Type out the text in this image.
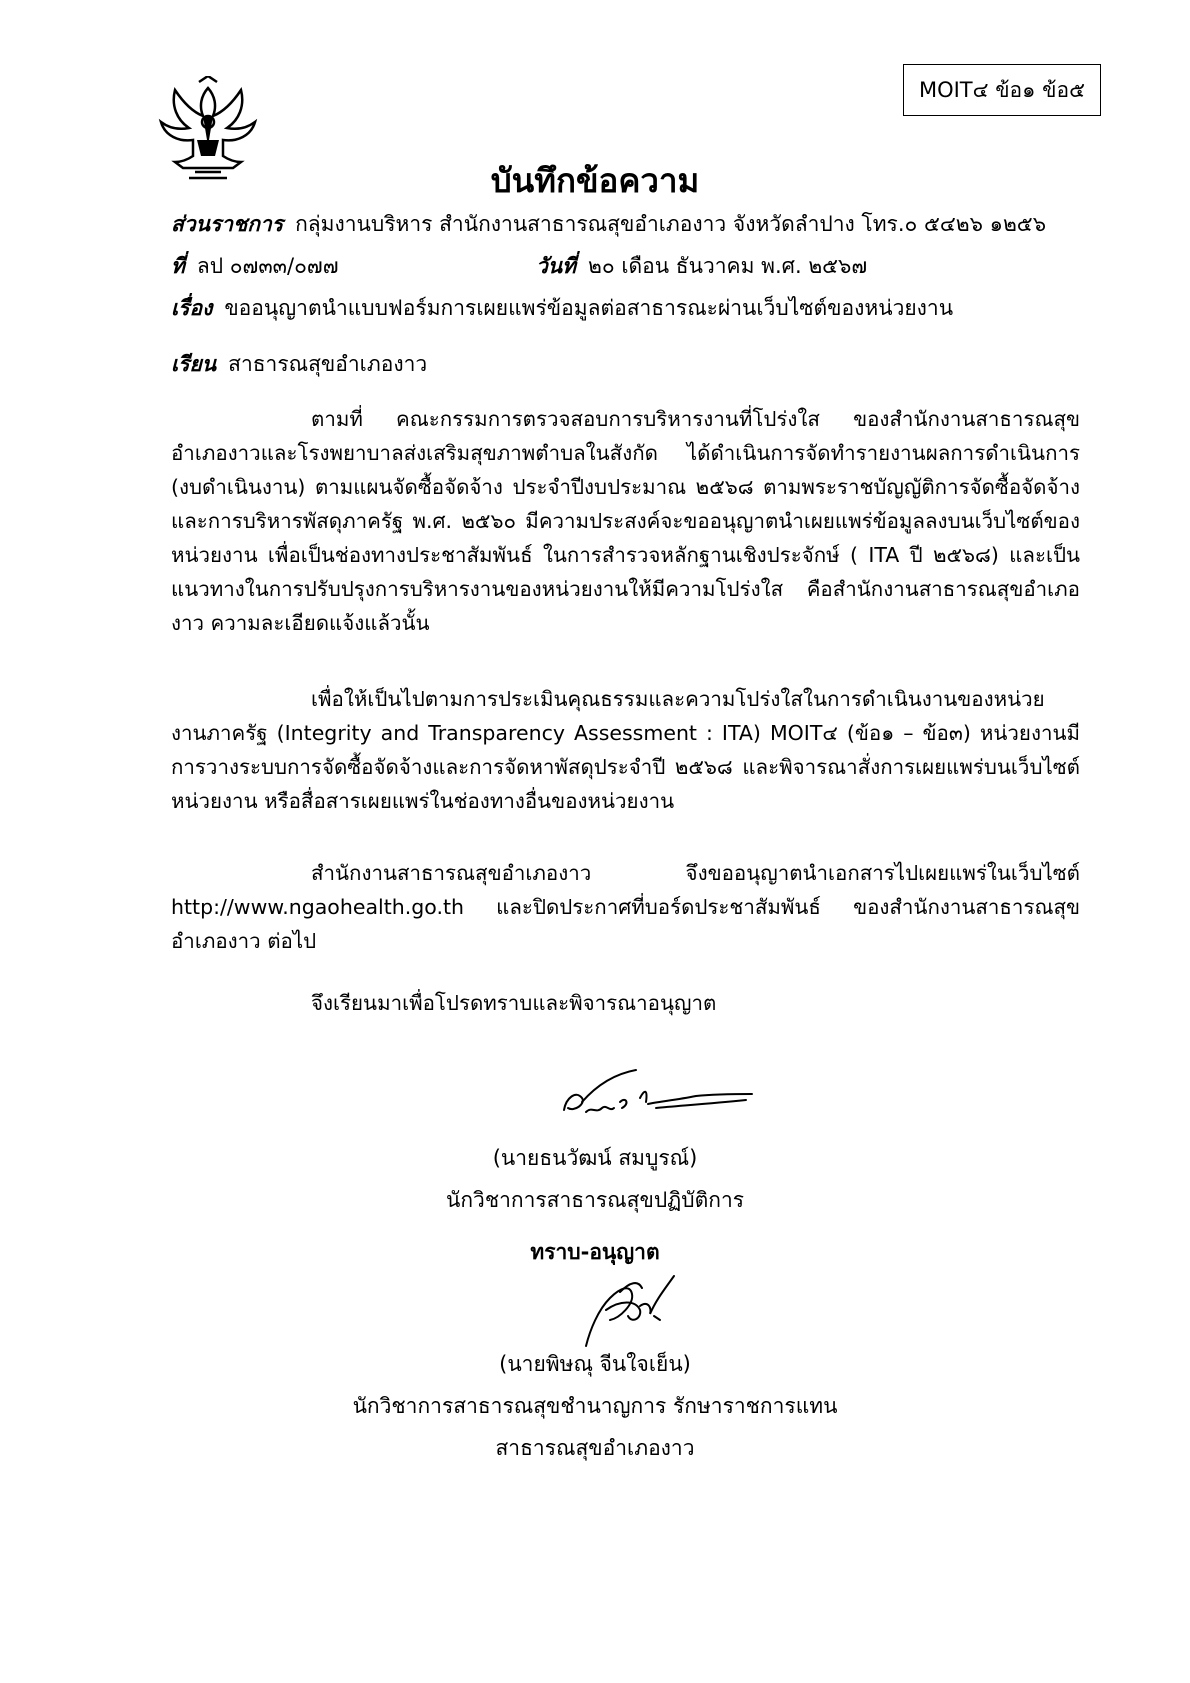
MOIT๔ ข้อ๑ ข้อ๕
บันทึกข้อความ
ส่วนราชการ กลุ่มงานบริหาร สำนักงานสาธารณสุขอำเภองาว จังหวัดลำปาง โทร.๐ ๕๔๒๖ ๑๒๕๖
ที่ ลป ๐๗๓๓/๐๗๗	วันที่ ๒๐ เดือน ธันวาคม พ.ศ. ๒๕๖๗
เรื่อง ขออนุญาตนำแบบฟอร์มการเผยแพร่ข้อมูลต่อสาธารณะผ่านเว็บไซต์ของหน่วยงาน
เรียน สาธารณสุขอำเภองาว

ตามที่ คณะกรรมการตรวจสอบการบริหารงานที่โปร่งใส ของสำนักงานสาธารณสุขอำเภองาวและโรงพยาบาลส่งเสริมสุขภาพตำบลในสังกัด ได้ดำเนินการจัดทำรายงานผลการดำเนินการ (งบดำเนินงาน) ตามแผนจัดซื้อจัดจ้าง ประจำปีงบประมาณ ๒๕๖๘ ตามพระราชบัญญัติการจัดซื้อจัดจ้างและการบริหารพัสดุภาครัฐ พ.ศ. ๒๕๖๐ มีความประสงค์จะขออนุญาตนำเผยแพร่ข้อมูลลงบนเว็บไซต์ของหน่วยงาน เพื่อเป็นช่องทางประชาสัมพันธ์ ในการสำรวจหลักฐานเชิงประจักษ์ ( ITA ปี ๒๕๖๘) และเป็นแนวทางในการปรับปรุงการบริหารงานของหน่วยงานให้มีความโปร่งใส คือสำนักงานสาธารณสุขอำเภองาว ความละเอียดแจ้งแล้วนั้น

เพื่อให้เป็นไปตามการประเมินคุณธรรมและความโปร่งใสในการดำเนินงานของหน่วยงานภาครัฐ (Integrity and Transparency Assessment : ITA) MOIT๔ (ข้อ๑ – ข้อ๓) หน่วยงานมีการวางระบบการจัดซื้อจัดจ้างและการจัดหาพัสดุประจำปี ๒๕๖๘ และพิจารณาสั่งการเผยแพร่บนเว็บไซต์หน่วยงาน หรือสื่อสารเผยแพร่ในช่องทางอื่นของหน่วยงาน

สำนักงานสาธารณสุขอำเภองาว จึงขออนุญาตนำเอกสารไปเผยแพร่ในเว็บไซต์ http://www.ngaohealth.go.th และปิดประกาศที่บอร์ดประชาสัมพันธ์ ของสำนักงานสาธารณสุขอำเภองาว ต่อไป

จึงเรียนมาเพื่อโปรดทราบและพิจารณาอนุญาต

(นายธนวัฒน์ สมบูรณ์)
นักวิชาการสาธารณสุขปฏิบัติการ
ทราบ-อนุญาต
(นายพิษณุ จีนใจเย็น)
นักวิชาการสาธารณสุขชำนาญการ รักษาราชการแทน
สาธารณสุขอำเภองาว
